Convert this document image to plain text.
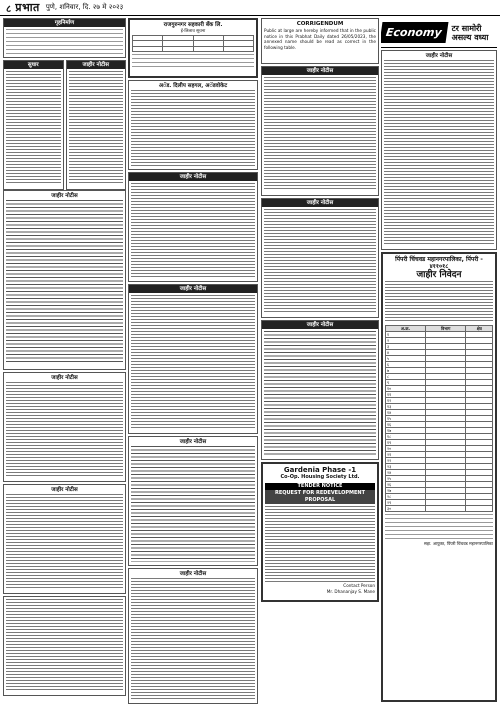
८ प्रभात पुणे, शनिवार, दि. २७ मे २०२३
गृहनिर्माण
सुधार	जाहीर नोटीस
जाहीर नोटीस
जाहीर नोटीस
जाहीर नोटीस
राजगुरुनगर सहकारी बँक लि.
ई-लिलाव सूचना

अॅड. दिलीप सहगल, अॅडवोकेट
जाहीर नोटीस
जाहीर नोटीस
जाहीर नोटीस
जाहीर नोटीस
CORRIGENDUM
Public at large are hereby informed that in the public notice in this Prabhat Daily dated 26/05/2023, the annexed name should be read as correct in the following table.
जाहीर नोटीस
जाहीर नोटीस
जाहीर नोटीस
Gardenia Phase -1
Co-Op. Housing Society Ltd.
TENDER NOTICE
REQUEST FOR REDEVELOPMENT PROPOSAL
Contact Person
Mr. Dhananjay S. Mane
Economy	टर सामोरी असल्य वध्या
जाहीर नोटीस
पिंपरी चिंचवड महानगरपालिका, पिंपरी - ४११०१८
जाहीर निवेदन
अ.क्र.	विभाग	क्षेत्र
१		
२		
३		
४		
५		
६		
७		
८		
९		
१०		
११		
१२		
१३		
१४		
१५		
१६		
१७		
१८		
१९		
२०		
२१		
२२		
२३		
२४		
२५		
२६		
२७		
२८		
२९		
३०		
सहा. आयुक्त, पिंपरी चिंचवड महानगरपालिका
